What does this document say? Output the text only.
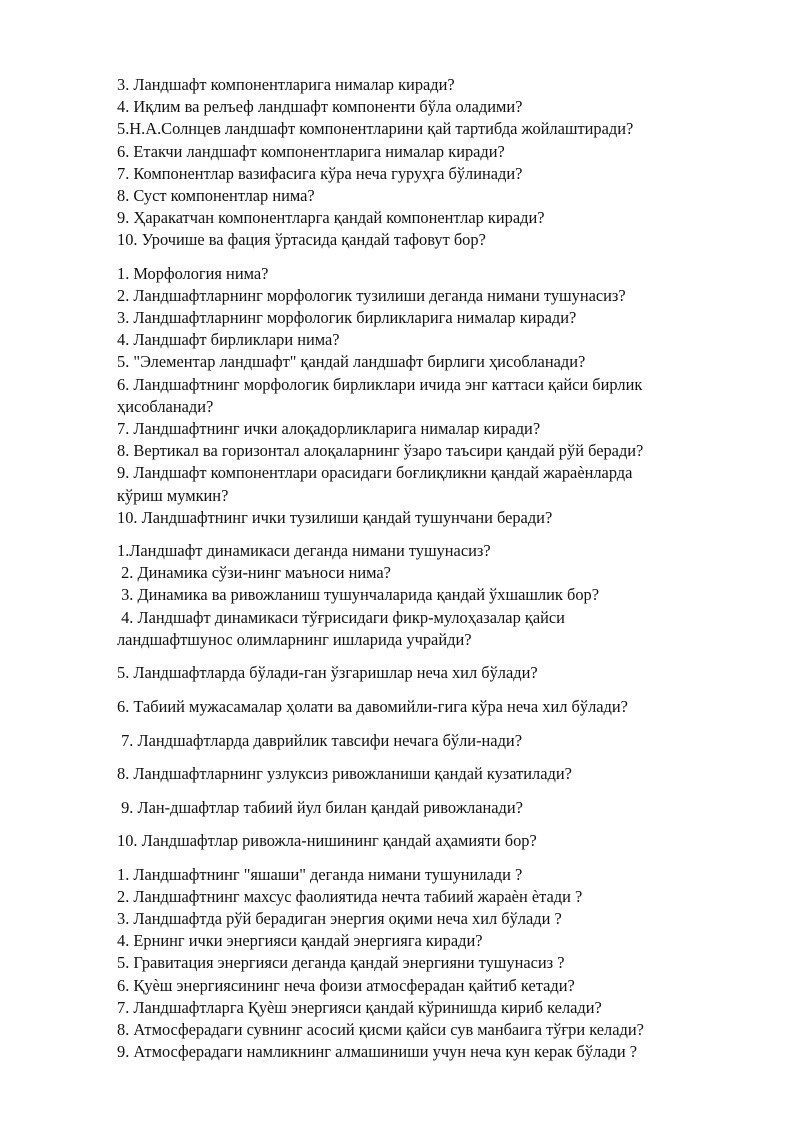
3. Ландшафт компонентларига нималар киради?

4. Иқлим ва релъеф ландшафт компоненти бўла оладими?

5.Н.А.Солнцев ландшафт компонентларини қай тартибда жойлаштиради?

6. Етакчи ландшафт компонентларига нималар киради?

7. Компонентлар вазифасига кўра неча гуруҳга бўлинади?

8. Суст компонентлар нима?

9. Ҳаракатчан компонентларга қандай компонентлар киради?

10. Урочише ва фация ўртасида қандай тафовут бор?

1. Морфология нима?

2. Ландшафтларнинг морфологик тузилиши деганда нимани тушунасиз?

3. Ландшафтларнинг морфологик бирликларига нималар киради?

4. Ландшафт бирликлари нима?

5. "Элементар ландшафт" қандай ландшафт бирлиги ҳисобланади?

6. Ландшафтнинг морфологик бирликлари ичида энг каттаси қайси бирлик

ҳисобланади?

7. Ландшафтнинг ички алоқадорликларига нималар киради?

8. Вертикал ва горизонтал алоқаларнинг ўзаро таъсири қандай рўй беради?

9. Ландшафт компонентлари орасидаги боғлиқликни қандай жараѐнларда

кўриш мумкин?

10. Ландшафтнинг ички тузилиши қандай тушунчани беради?

1.Ландшафт динамикаси деганда нимани тушунасиз?

2. Динамика сўзи-нинг маъноси нима?

3. Динамика ва ривожланиш тушунчаларида қандай ўхшашлик бор?

4. Ландшафт динамикаси тўғрисидаги фикр-мулоҳазалар қайси

ландшафтшунос олимларнинг ишларида учрайди?

5. Ландшафтларда бўлади-ган ўзгаришлар неча хил бўлади?

6. Табиий мужасамалар ҳолати ва давомийли-гига кўра неча хил бўлади?

7. Ландшафтларда даврийлик тавсифи нечага бўли-нади?

8. Ландшафтларнинг узлуксиз ривожланиши қандай кузатилади?

9. Лан-дшафтлар табиий йул билан қандай ривожланади?

10. Ландшафтлар ривожла-нишининг қандай аҳамияти бор?

1. Ландшафтнинг "яшаши" деганда нимани тушунилади ?

2. Ландшафтнинг махсус фаолиятида нечта табиий жараѐн ѐтади ?

3. Ландшафтда рўй берадиган энергия оқими неча хил бўлади ?

4. Ернинг ички энергияси қандай энергияга киради?

5. Гравитация энергияси деганда қандай энергияни тушунасиз ?

6. Қуѐш энергиясининг неча фоизи атмосферадан қайтиб кетади?

7. Ландшафтларга Қуѐш энергияси қандай кўринишда кириб келади?

8. Атмосферадаги сувнинг асосий қисми қайси сув манбаига тўғри келади?

9. Атмосферадаги намликнинг алмашиниши учун неча кун керак бўлади ?
